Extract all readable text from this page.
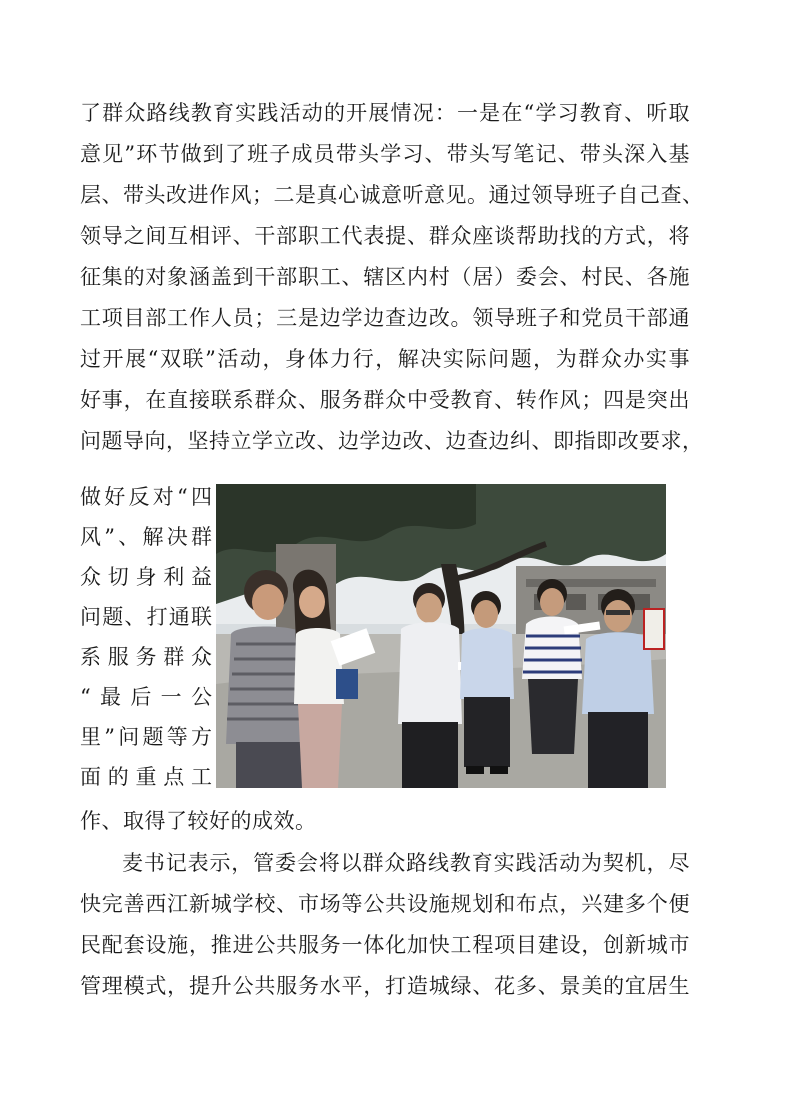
了群众路线教育实践活动的开展情况：一是在“学习教育、听取
意见”环节做到了班子成员带头学习、带头写笔记、带头深入基
层、带头改进作风；二是真心诚意听意见。通过领导班子自己查、
领导之间互相评、干部职工代表提、群众座谈帮助找的方式，将
征集的对象涵盖到干部职工、辖区内村（居）委会、村民、各施
工项目部工作人员；三是边学边查边改。领导班子和党员干部通
过开展“双联”活动，身体力行，解决实际问题，为群众办实事
好事，在直接联系群众、服务群众中受教育、转作风；四是突出
问题导向，坚持立学立改、边学边改、边查边纠、即指即改要求，
做好反对“四
风”、解决群
众切身利益
问题、打通联
系服务群众
“最后一公
里”问题等方
面的重点工
作、取得了较好的成效。
麦书记表示，管委会将以群众路线教育实践活动为契机，尽
快完善西江新城学校、市场等公共设施规划和布点，兴建多个便
民配套设施，推进公共服务一体化加快工程项目建设，创新城市
管理模式，提升公共服务水平，打造城绿、花多、景美的宜居生
